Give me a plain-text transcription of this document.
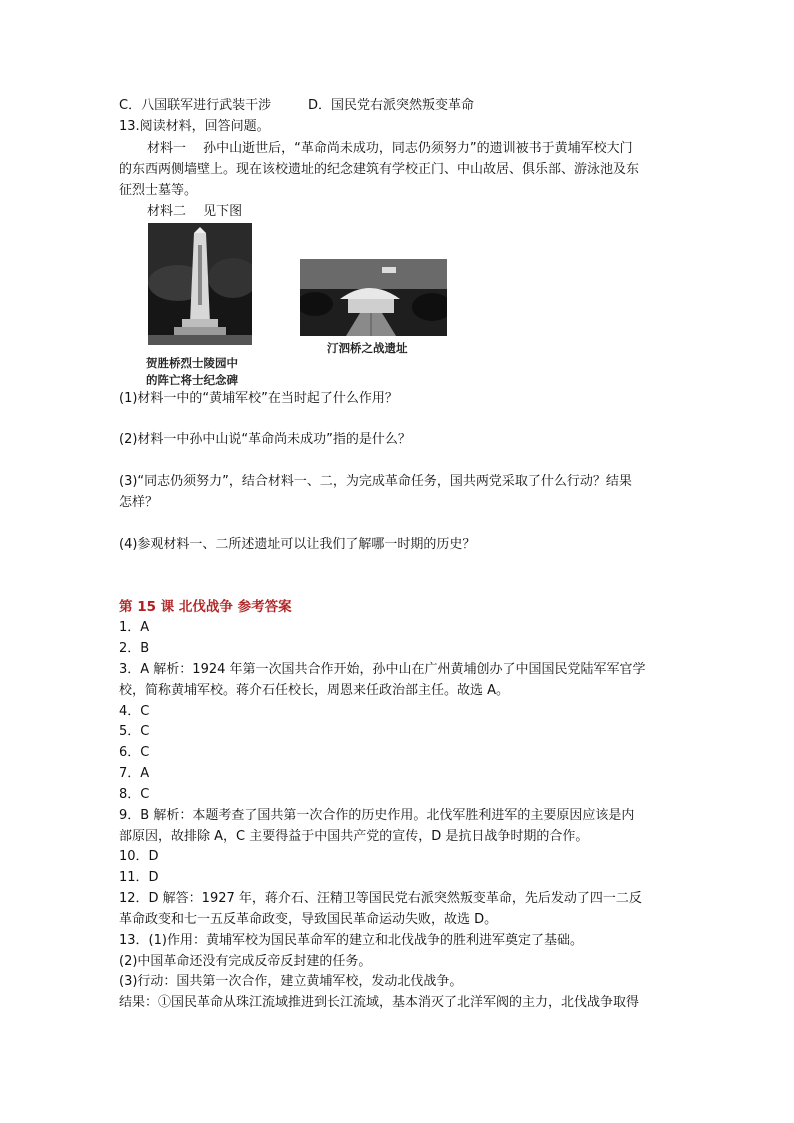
C．八国联军进行武装干涉	D．国民党右派突然叛变革命
13.阅读材料，回答问题。
材料一　 孙中山逝世后，“革命尚未成功，同志仍须努力”的遗训被书于黄埔军校大门
的东西两侧墙壁上。现在该校遗址的纪念建筑有学校正门、中山故居、俱乐部、游泳池及东
征烈士墓等。
材料二　 见下图
贺胜桥烈士陵园中
的阵亡将士纪念碑
汀泗桥之战遗址
(1)材料一中的“黄埔军校”在当时起了什么作用？
(2)材料一中孙中山说“革命尚未成功”指的是什么？
(3)“同志仍须努力”，结合材料一、二，为完成革命任务，国共两党采取了什么行动？结果
怎样？
(4)参观材料一、二所述遗址可以让我们了解哪一时期的历史？
第 15 课 北伐战争 参考答案
1．A
2．B
3．A 解析：1924 年第一次国共合作开始，孙中山在广州黄埔创办了中国国民党陆军军官学
校，简称黄埔军校。蒋介石任校长，周恩来任政治部主任。故选 A。
4．C
5．C
6．C
7．A
8．C
9．B 解析：本题考查了国共第一次合作的历史作用。北伐军胜利进军的主要原因应该是内
部原因，故排除 A，C 主要得益于中国共产党的宣传，D 是抗日战争时期的合作。
10．D
11．D
12．D 解答：1927 年，蒋介石、汪精卫等国民党右派突然叛变革命，先后发动了四一二反
革命政变和七一五反革命政变，导致国民革命运动失败，故选 D。
13．(1)作用：黄埔军校为国民革命军的建立和北伐战争的胜利进军奠定了基础。
(2)中国革命还没有完成反帝反封建的任务。
(3)行动：国共第一次合作，建立黄埔军校，发动北伐战争。
结果：①国民革命从珠江流域推进到长江流域，基本消灭了北洋军阀的主力，北伐战争取得
